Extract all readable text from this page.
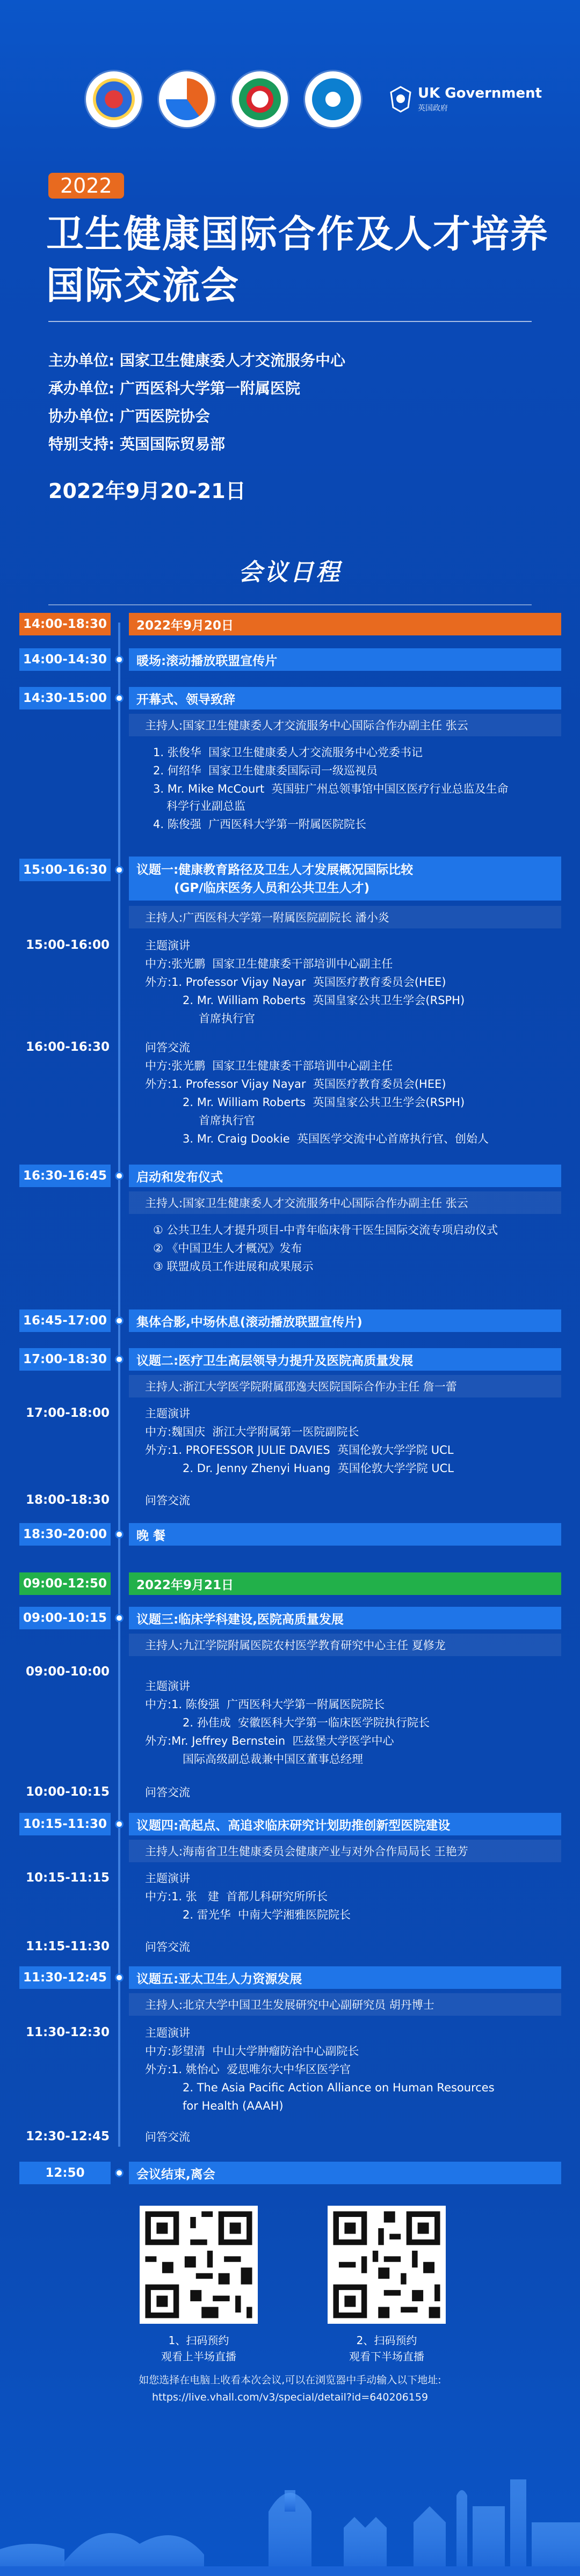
UK Government
英国政府
2022
卫生健康国际合作及人才培养
国际交流会
主办单位: 国家卫生健康委人才交流服务中心
承办单位: 广西医科大学第一附属医院
协办单位: 广西医院协会
特别支持: 英国国际贸易部
2022年9月20-21日
会议日程
14:00-18:30	2022年9月20日
14:00-14:30	暖场:滚动播放联盟宣传片
14:30-15:00	开幕式、领导致辞
主持人:国家卫生健康委人才交流服务中心国际合作办副主任 张云
1. 张俊华  国家卫生健康委人才交流服务中心党委书记
2. 何绍华  国家卫生健康委国际司一级巡视员
3. Mr. Mike McCourt  英国驻广州总领事馆中国区医疗行业总监及生命
科学行业副总监
4. 陈俊强  广西医科大学第一附属医院院长
15:00-16:30	议题一:健康教育路径及卫生人才发展概况国际比较
(GP/临床医务人员和公共卫生人才)
主持人:广西医科大学第一附属医院副院长 潘小炎
15:00-16:00	主题演讲
中方:张光鹏  国家卫生健康委干部培训中心副主任
外方:1. Professor Vijay Nayar  英国医疗教育委员会(HEE)
2. Mr. William Roberts  英国皇家公共卫生学会(RSPH)
首席执行官
16:00-16:30	问答交流
中方:张光鹏  国家卫生健康委干部培训中心副主任
外方:1. Professor Vijay Nayar  英国医疗教育委员会(HEE)
2. Mr. William Roberts  英国皇家公共卫生学会(RSPH)
首席执行官
3. Mr. Craig Dookie  英国医学交流中心首席执行官、创始人
16:30-16:45	启动和发布仪式
主持人:国家卫生健康委人才交流服务中心国际合作办副主任 张云
① 公共卫生人才提升项目-中青年临床骨干医生国际交流专项启动仪式
② 《中国卫生人才概况》发布
③ 联盟成员工作进展和成果展示
16:45-17:00	集体合影,中场休息(滚动播放联盟宣传片)
17:00-18:30	议题二:医疗卫生高层领导力提升及医院高质量发展
主持人:浙江大学医学院附属邵逸夫医院国际合作办主任 詹一蕾
17:00-18:00	主题演讲
中方:魏国庆  浙江大学附属第一医院副院长
外方:1. PROFESSOR JULIE DAVIES  英国伦敦大学学院 UCL
2. Dr. Jenny Zhenyi Huang  英国伦敦大学学院 UCL
18:00-18:30	问答交流
18:30-20:00	晚 餐
09:00-12:50	2022年9月21日
09:00-10:15	议题三:临床学科建设,医院高质量发展
主持人:九江学院附属医院农村医学教育研究中心主任 夏修龙
09:00-10:00
主题演讲
中方:1. 陈俊强  广西医科大学第一附属医院院长
2. 孙佳成  安徽医科大学第一临床医学院执行院长
外方:Mr. Jeffrey Bernstein  匹兹堡大学医学中心
国际高级副总裁兼中国区董事总经理
10:00-10:15	问答交流
10:15-11:30	议题四:高起点、高追求临床研究计划助推创新型医院建设
主持人:海南省卫生健康委员会健康产业与对外合作局局长 王艳芳
10:15-11:15	主题演讲
中方:1. 张   建  首都儿科研究所所长
2. 雷光华  中南大学湘雅医院院长
11:15-11:30	问答交流
11:30-12:45	议题五:亚太卫生人力资源发展
主持人:北京大学中国卫生发展研究中心副研究员 胡丹博士
11:30-12:30	主题演讲
中方:彭望清  中山大学肿瘤防治中心副院长
外方:1. 姚怡心  爱思唯尔大中华区医学官
2. The Asia Pacific Action Alliance on Human Resources
for Health (AAAH)
12:30-12:45	问答交流
12:50	会议结束,离会
1、扫码预约
观看上半场直播
2、扫码预约
观看下半场直播
如您选择在电脑上收看本次会议,可以在浏览器中手动输入以下地址:
https://live.vhall.com/v3/special/detail?id=640206159
